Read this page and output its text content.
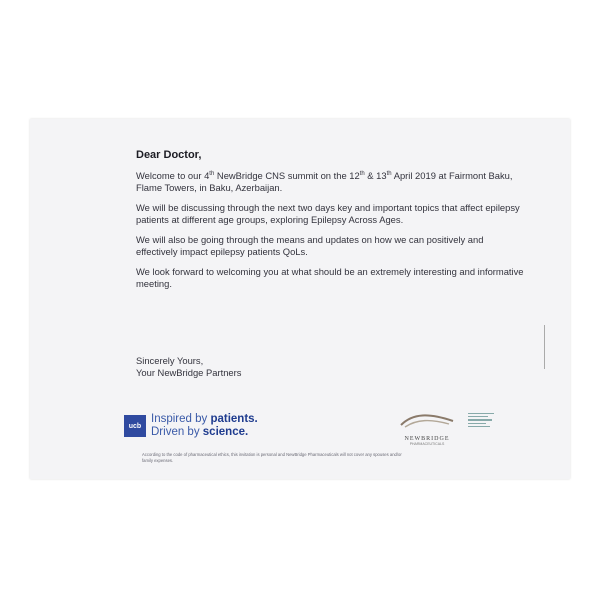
Dear Doctor,

Welcome to our 4th NewBridge CNS summit on the 12th & 13th April 2019 at Fairmont Baku, Flame Towers, in Baku, Azerbaijan.

We will be discussing through the next two days key and important topics that affect epilepsy patients at different age groups, exploring Epilepsy Across Ages.

We will also be going through the means and updates on how we can positively and effectively impact epilepsy patients QoLs.

We look forward to welcoming you at what should be an extremely interesting and informative meeting.

Sincerely Yours,
Your NewBridge Partners
ucb
Inspired by patients.
Driven by science.
According to the code of pharmaceutical ethics, this invitation is personal and NewBridge Pharmaceuticals will not cover any spouses and/or family expenses.
NEWBRIDGE
PHARMACEUTICALS
